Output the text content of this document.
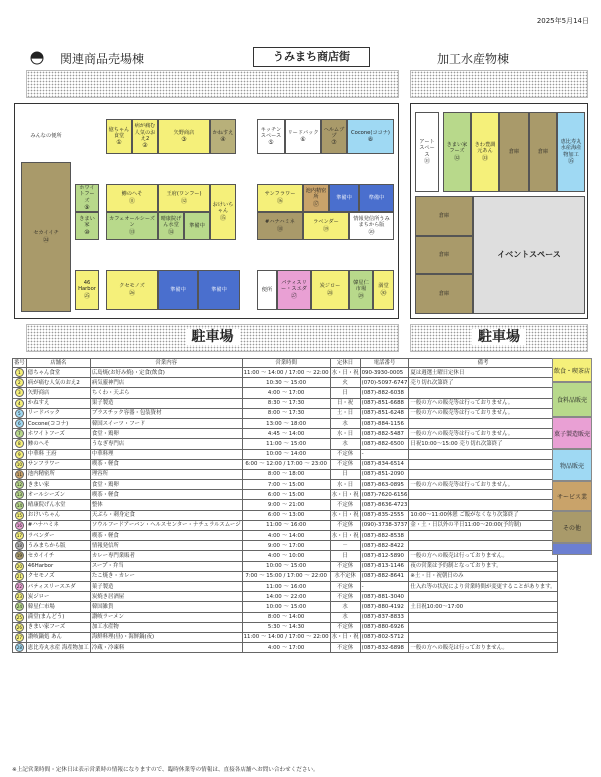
2025年5月14日
関連商品売場棟	うみまち商店街	加工水産物棟
みんなの便所
億ちゃん食堂
①
病が痛む人気のおえ2
②
矢野商店
③
かねすえ
④
キッチンスペース
⑤
リードバック
⑥
ヘルムブプ
⑦
Cocone(ココナ)
⑧
セカイイチ
㉔
ホワイトフーズ
⑨
きまい家
⑩
鯵のへそ
⑪
王府(ワンフー)
⑫
おけいちゃん
⑮
カフェオールシーズン
⑬
晴康院げん水堂
⑭
準備中
サンフラワー
⑯
池内精密所
⑰
準備中	準備中
#ハナハミネ
⑱
ラベンダー
⑲
情報発信所うみまちから版
⑳
46 Harbor
㉕
クセモノズ
㉖	準備中	準備中	便所
パティスリー・スエダ
㉗
炭ジロー
㉘
韓星仁市場
㉙
満堂
㉚
アートスペース
㉛
きまい家フーズ
㉜
きわ豊調元あん
㉝
倉庫	倉庫
恵比寿丸水産海産物加工
㉟
倉庫
倉庫
倉庫
イベントスペース
駐車場	駐車場
番号	店舗名	営業内容	営業時間	定休日	電話番号	備考
1	億ちゃん食堂	広島焼(お好み焼)・定食(飲食)	11:00 ～ 14:00 / 17:00 ～ 22:00	水・日・祝	090-3930-0005	夏は週選土曜日定休日
2	病が痛む人気のおえ2	病気靈神門店	10:30 ～ 15:00	火	(070)-5097-6747	売り切れ次第終了
3	矢野商店	ちくわ・天ぷら	4:00 ～ 17:00	日	(087)-882-6038	
4	かねすえ	果子製造	8:30 ～ 17:30	日・祝	(087)-851-6688	一般の方への販売等は行っておりません。
5	リードバック	ブラスチック容器・包装資材	8:00 ～ 17:30	土・日	(087)-851-6248	一般の方への販売等は行っておりません。
6	Cocone(ココナ)	韓国スイーツ・フード	13:00 ～ 18:00	水	(087)-884-1156	
7	ホワイトフーズ	食堂・鶏卵	4:45 ～ 14:00	水・日	(087)-882-5487	一般の方への販売等は行っておりません。
8	鯵のへそ	うなぎ専門店	11:00 ～ 15:00	水	(087)-882-6500	日祝10:00～15:00 売り切れ次第終了
9	中華料 王府	中華料理	10:00 ～ 14:00	不定休	-	
10	サンフラワー	喫茶・軽食	6:00 ～ 12:00 / 17:00 ～ 23:00	不定休	(087)-834-6514	
11	池内精密所	理容所	8:00 ～ 18:00	日	(087)-851-2090	
12	きまい家	食堂・鶏卵	7:00 ～ 15:00	水・日	(087)-863-0895	一般の方への販売等は行っておりません。
13	オールシーズン	喫茶・軽食	6:00 ～ 15:00	水・日・祝	(087)-7620-6156	
14	晴康院げん水堂	整体	9:00 ～ 21:00	不定休	(087)-8636-4723	
15	おけいちゃん	天ぷら・刺身定食	6:00 ～ 13:00	水・日・祝	(087)-835-2555	10:00～11:00休憩 ご飯がなくなり次第終了
16	#ハナハミネ	ソウルフードアーバン・ヘルスセンター・ナチュラルスムージ	11:00 ～ 16:00	不定休	(090)-3738-3737	金・土・日以外の平日11:00～20:00(予約制)
17	ラベンダー	喫茶・軽食	4:00 ～ 14:00	水・日・祝	(087)-882-8538	
18	うみまちから版	情報発信所	9:00 ～ 17:00	－	(087)-882-8422	
19	セカイイチ	カレー専門業販者	4:00 ～ 10:00	日	(087)-812-5890	一般の方への販売は行っておりません。
20	46Harbor	スープ・弁当	10:00 ～ 15:00	不定休	(087)-813-1146	夜の営業は予約制となっております。
21	クセモノズ	たこ焼き・カレー	7:00 ～ 15:00 / 17:00 ～ 22:00	水不定休	(087)-882-8641	※土・日・祝朝日のみ
22	パティスリースエダ	菓子製造	11:00 ～ 16:00	不定休	-	仕入れ等の状況により営業時間が変更することがあります。
23	炭ジロー	炭焼き居酒屋	14:00 ～ 22:00	不定休	(087)-881-3040	
24	韓星仁市場	韓国雑貨	10:00 ～ 15:00	水	(087)-880-4192	土日祝10:00～17:00
25	満堂(まんどう)	讃岐ラーメン	8:00 ～ 14:00	水	(087)-837-8833	
26	きまい家フーズ	加工水産物	5:30 ～ 14:30	不定休	(087)-880-6926	
27	讃岐鍋処 あん	海鮮料理(昼)・海鮮鍋(夜)	11:00 ～ 14:00 / 17:00 ～ 22:00	水・日・祝	(087)-802-5712	
28	恵比寿丸水産 海産物加工	冷蔵・冷凍料	4:00 ～ 17:00	不定休	(087)-832-6898	一般の方への販売は行っておりません。
飲食・喫茶店
食料品販売
菓子製造販売
物品販売
サービス業
その他
※上記営業時間・定休日は表示営業時の情報になりますので、臨時休業等の情報は、直接各店舗へお問い合わせください。
